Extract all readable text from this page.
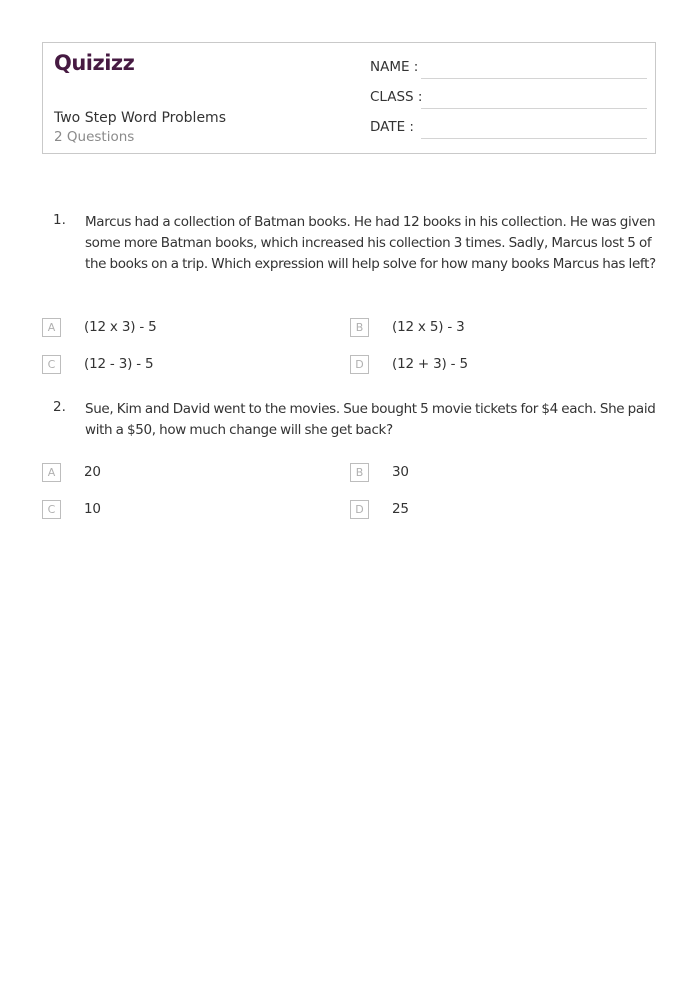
Quizizz
Two Step Word Problems
2 Questions
NAME :
CLASS :
DATE :
1. Marcus had a collection of Batman books. He had 12 books in his collection. He was given some more Batman books, which increased his collection 3 times. Sadly, Marcus lost 5 of the books on a trip. Which expression will help solve for how many books Marcus has left?
A	(12 x 3) - 5	B	(12 x 5) - 3
C	(12 - 3) - 5	D	(12 + 3) - 5
2. Sue, Kim and David went to the movies. Sue bought 5 movie tickets for $4 each. She paid with a $50, how much change will she get back?
A	20	B	30
C	10	D	25
